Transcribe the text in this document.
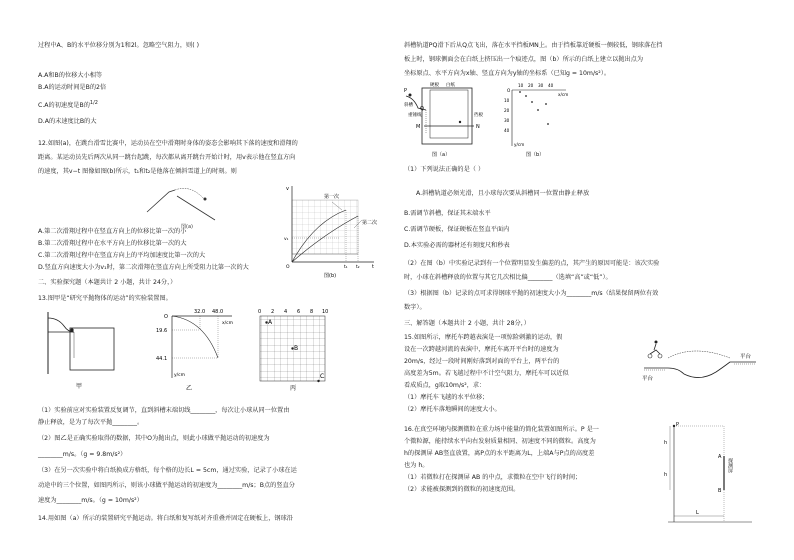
过程中A、B的水平位移分别为1和2l。忽略空气阻力，则( )
A.A和B的位移大小相等
B.A的运动时间是B的2倍
C.A的初速度是B的$^{1/2}$
D.A的末速度比B的大
12.如图(a)，在跳台滑雪比赛中，运动员在空中滑翔时身体的姿态会影响其下落的速度和滑翔的
距离。某运动员先后两次从同一跳台起跳，每次都从离开跳台开始计时，用v表示他在竖直方向
的速度，其v−t 图像如图(b)所示，t₁和t₂是他落在倾斜雪道上的时刻。则
图(a)
v
v₁
O	t₁ t₂ t
第一次
第二次
图(b)
A.第二次滑翔过程中在竖直方向上的位移比第一次的小
B.第二次滑翔过程中在水平方向上的位移比第一次的大
C.第二次滑翔过程中在竖直方向上的平均加速度比第一次的大
D.竖直方向速度大小为v₁时，第二次滑翔在竖直方向上所受阻力比第一次的大
二、实验探究题（本题共计 2 小题，共计 24分，）
13.图甲是“研究平抛物体的运动”的实验装置图。
甲
O
32.0 48.0
x/cm
19.6
44.1
y/cm
乙
0 2 4 6 8 10
A
B
C
丙
（1）实验前应对实验装置反复调节，直到斜槽末端切线________，每次让小球从同一位置由
静止释放，是为了每次平抛________。
（2）图乙是正确实验取得的数据，其中O为抛出点，则此小球做平抛运动的初速度为
________m/s。（g = 9.8m/s²）
（3）在另一次实验中将白纸换成方格纸，每个格的边长L = 5cm，通过实验，记录了小球在运
动途中的三个位置，如图丙所示，则该小球做平抛运动的初速度为________m/s；B点的竖直分
速度为________m/s。（g = 10m/s²）
14.用如图（a）所示的装置研究平抛运动。将白纸和复写纸对齐重叠并固定在硬板上，钢球沿
斜槽轨道PQ滑下后从Q点飞出，落在水平挡板MN上。由于挡板靠近硬板一侧较低，钢球落在挡
板上时，钢球侧面会在白纸上挤压出一个痕迹点，图（b）所示的白纸上建立以抛出点为
坐标原点、水平方向为x轴、竖直方向为y轴的坐标系（已知g = 10m/s²）。
硬板 白纸
斜槽
重锤线	挡板
P
Q
M	N
图（a）
10 20 30 40
10
20
30
40
x/cm
y/cm
O
图（b）
（1）下列说法正确的是（ ）
A.斜槽轨道必须光滑，且小球每次要从斜槽同一位置由静止释放
B.需调节斜槽，保证其末端水平
C.需调节硬板，保证硬板在竖直平面内
D.本实验必需的器材还有刻度尺和秒表
（2）在图（b）中实验记录到有一个位置明显发生偏差的点，其产生的原因可能是：该次实验
时，小球在斜槽释放的位置与其它几次相比偏________（选填“高”或“低”）。
（3）根据图（b）记录的点可求得钢球平抛的初速度大小为________m/s（结果保留两位有效
数字）。
三、解答题（本题共计 2 小题，共计 28分，）
15.如图所示，摩托车跨越表演是一项惊险刺激的运动，假
设在一次跨越河流的表演中，摩托车离开平台时的速度为
20m/s，经过一段时间刚好落到对面的平台上，两平台的
高度差为5m。若飞越过程中不计空气阻力，摩托车可以近似
看成质点，g取10m/s²，求：
（1）摩托车飞越的水平位移；
（2）摩托车落地瞬间的速度大小。
平台
平台
16.在真空环境内探测微粒在重力场中能量的简化装置如图所示。P 是一
个微粒源，能持续水平向右发射质量相同、初速度不同的微粒。高度为
h的探测屏 AB竖直放置，离P点的水平距离为L，上端A与P点的高度差
也为 h。
（1）若微粒打在探测屏 AB 的中点，求微粒在空中飞行的时间；
（2）求能被探测到的微粒的初速度范围。
P
A
B
h
h
L
探测屏
